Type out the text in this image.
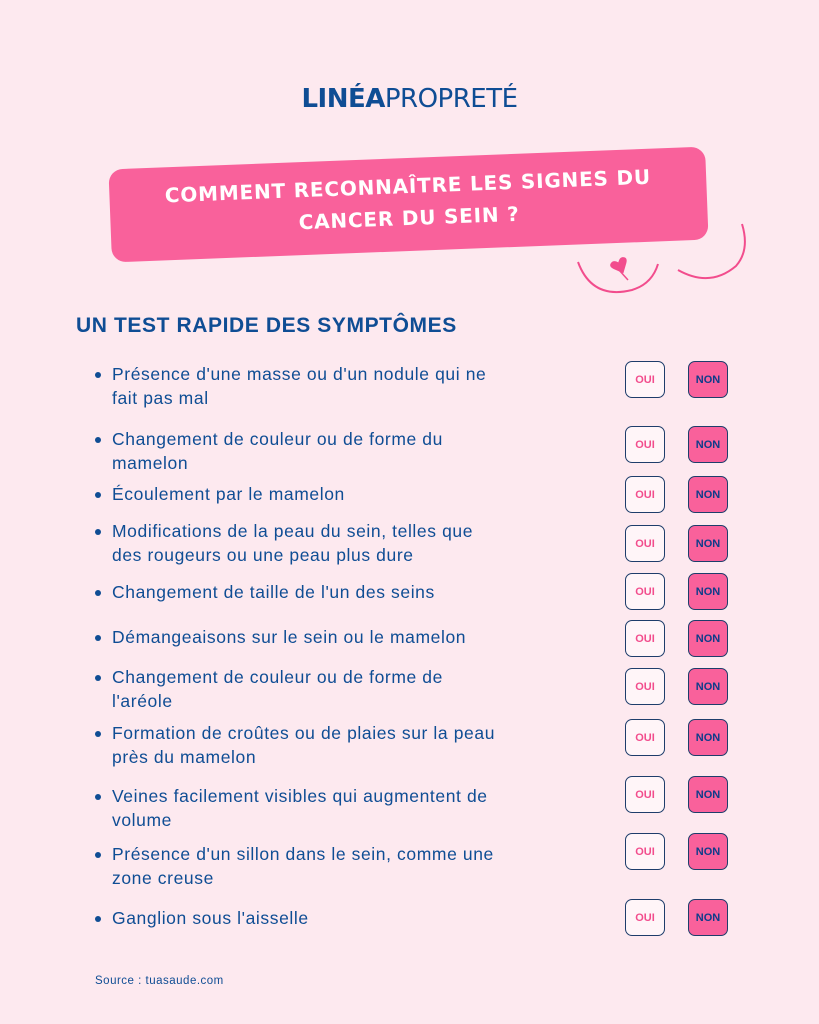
LINÉAPROPRETÉ
COMMENT RECONNAÎTRE LES SIGNES DU
CANCER DU SEIN ?
UN TEST RAPIDE DES SYMPTÔMES
Présence d'une masse ou d'un nodule qui ne
fait pas mal
OUI	NON
Changement de couleur ou de forme du
mamelon
OUI	NON
Écoulement par le mamelon	OUI	NON
Modifications de la peau du sein, telles que
des rougeurs ou une peau plus dure
OUI	NON
Changement de taille de l'un des seins	OUI	NON
Démangeaisons sur le sein ou le mamelon	OUI	NON
Changement de couleur ou de forme de
l'aréole
OUI	NON
Formation de croûtes ou de plaies sur la peau
près du mamelon
OUI	NON
Veines facilement visibles qui augmentent de
volume
OUI	NON
Présence d'un sillon dans le sein, comme une
zone creuse
OUI	NON
Ganglion sous l'aisselle	OUI	NON
Source : tuasaude.com
